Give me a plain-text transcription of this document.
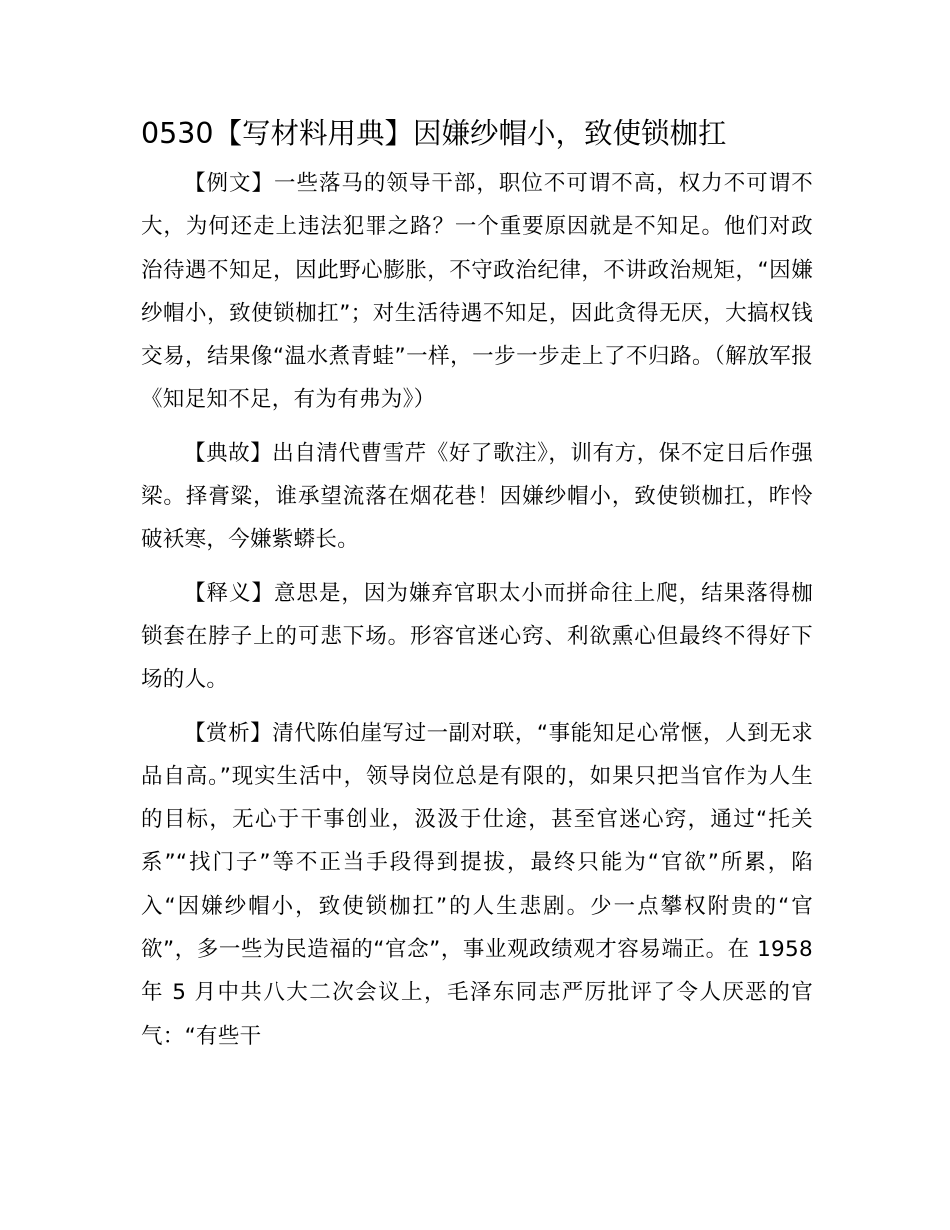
0530【写材料用典】因嫌纱帽小，致使锁枷扛

【例文】一些落马的领导干部，职位不可谓不高，权力不可谓不大，为何还走上违法犯罪之路？一个重要原因就是不知足。他们对政治待遇不知足，因此野心膨胀，不守政治纪律，不讲政治规矩，“因嫌纱帽小，致使锁枷扛”；对生活待遇不知足，因此贪得无厌，大搞权钱交易，结果像“温水煮青蛙”一样，一步一步走上了不归路。（解放军报《知足知不足，有为有弗为》）

【典故】出自清代曹雪芹《好了歌注》，训有方，保不定日后作强梁。择膏粱，谁承望流落在烟花巷！因嫌纱帽小，致使锁枷扛，昨怜破袄寒，今嫌紫蟒长。

【释义】意思是，因为嫌弃官职太小而拼命往上爬，结果落得枷锁套在脖子上的可悲下场。形容官迷心窍、利欲熏心但最终不得好下场的人。

【赏析】清代陈伯崖写过一副对联，“事能知足心常惬，人到无求品自高。”现实生活中，领导岗位总是有限的，如果只把当官作为人生的目标，无心于干事创业，汲汲于仕途，甚至官迷心窍，通过“托关系”“找门子”等不正当手段得到提拔，最终只能为“官欲”所累，陷入“因嫌纱帽小，致使锁枷扛”的人生悲剧。少一点攀权附贵的“官欲”，多一些为民造福的“官念”，事业观政绩观才容易端正。在 1958 年 5 月中共八大二次会议上，毛泽东同志严厉批评了令人厌恶的官气：“有些干
